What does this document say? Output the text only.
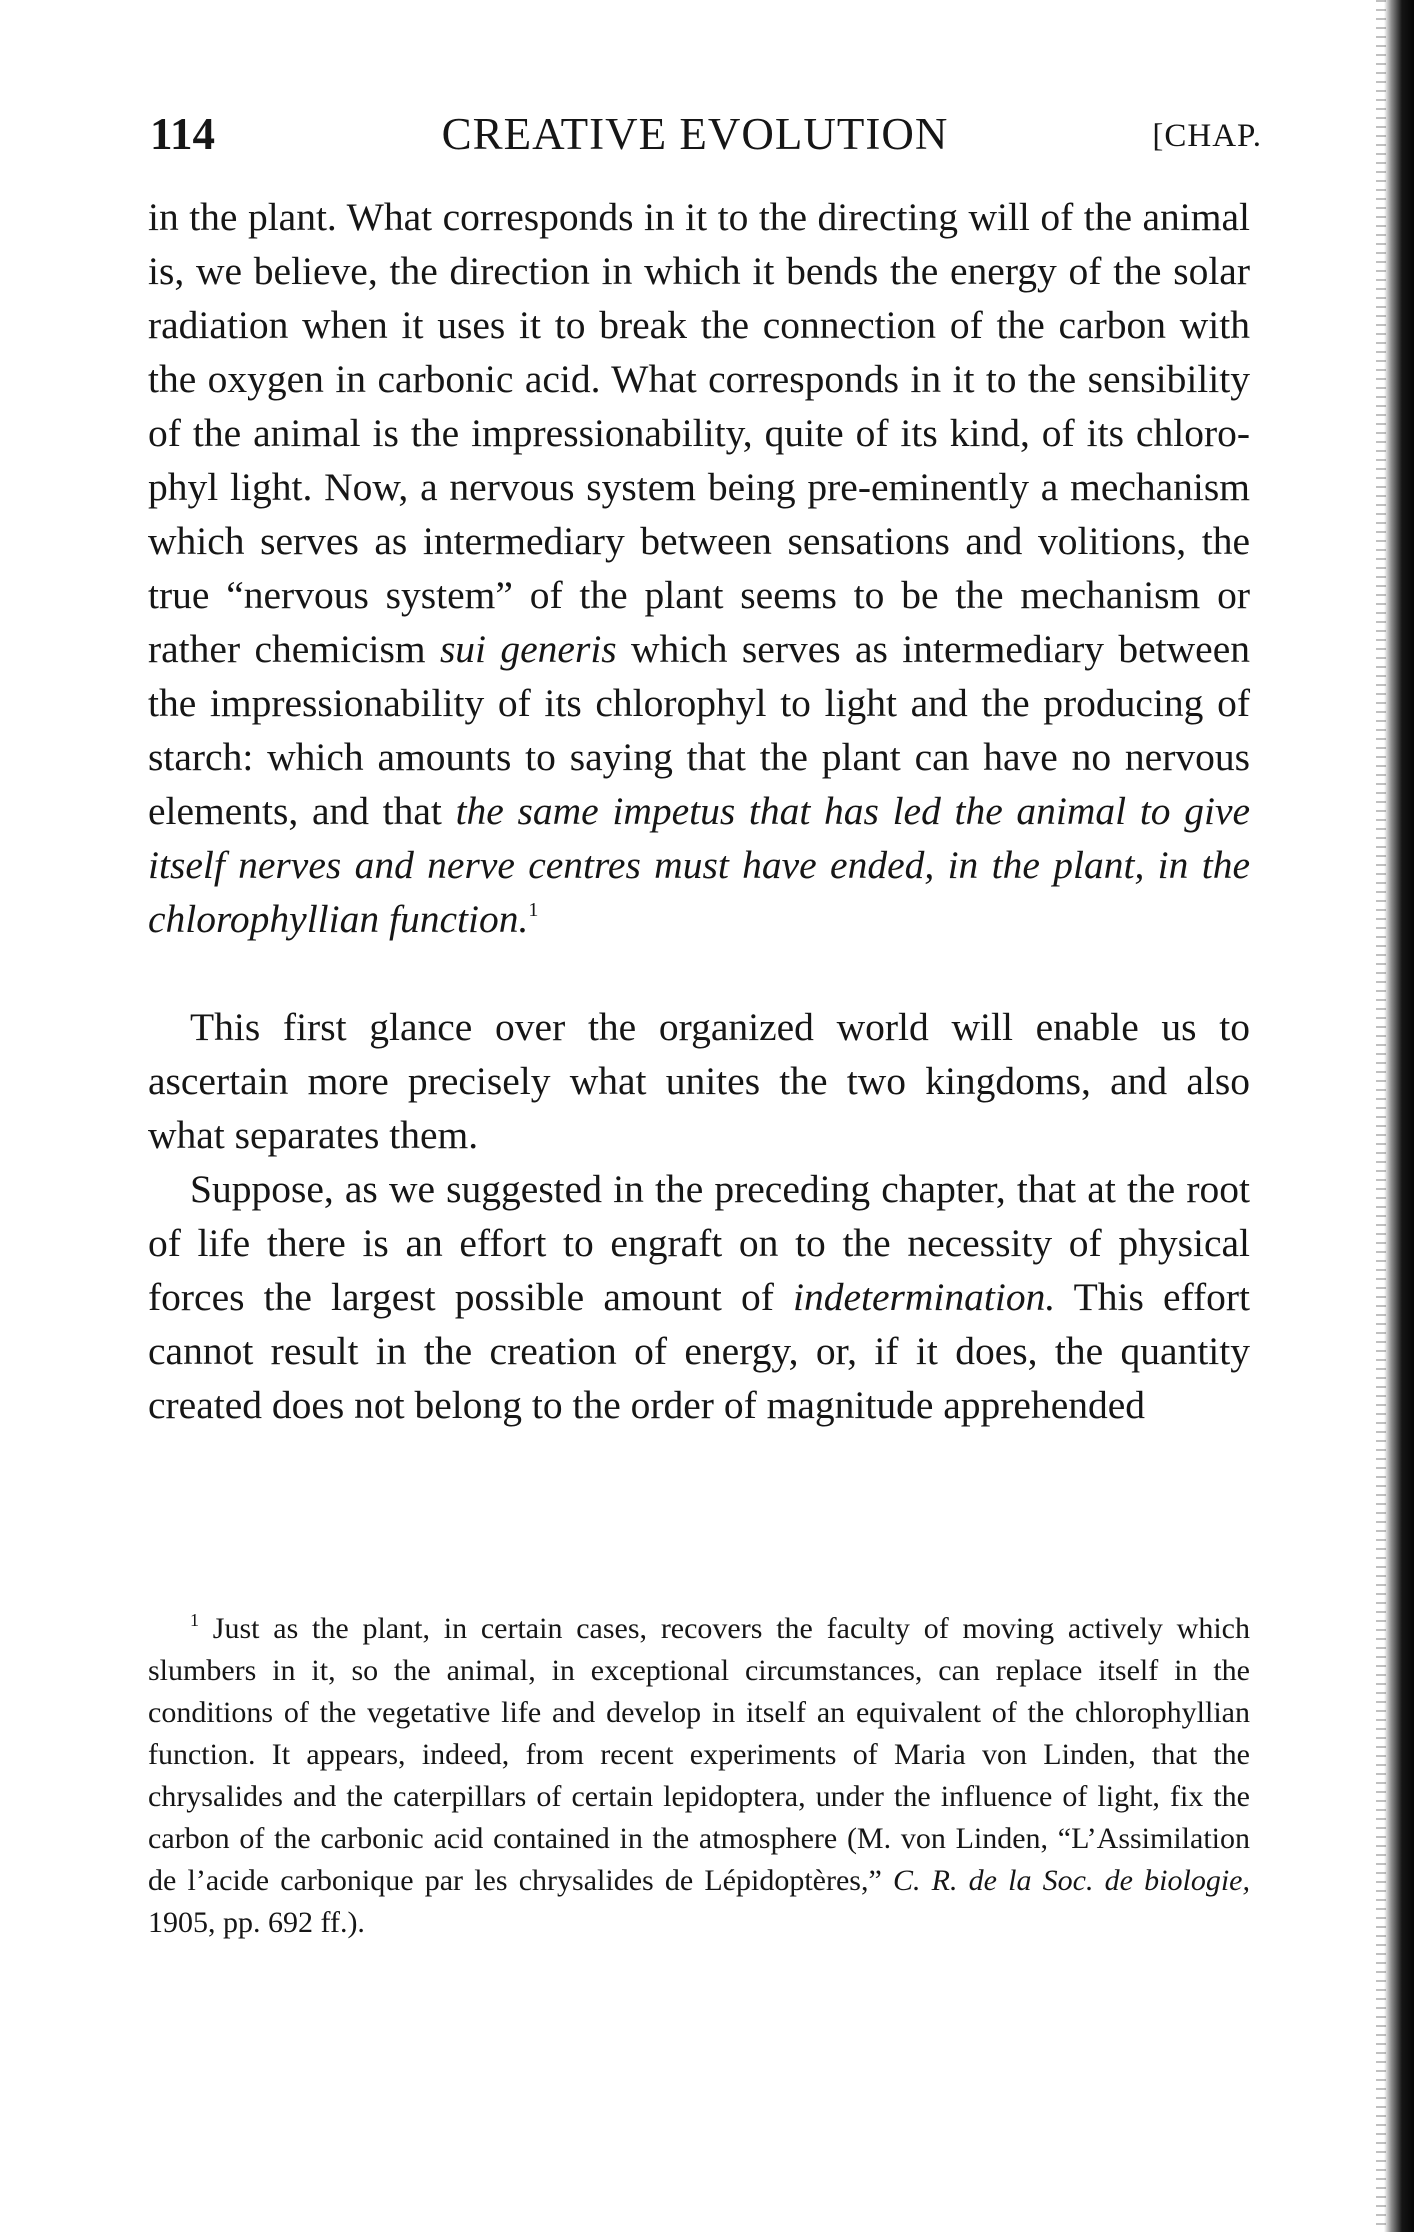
114	CREATIVE EVOLUTION	[CHAP.

in the plant. What corresponds in it to the directing will of the animal is, we believe, the direction in which it bends the energy of the solar radiation when it uses it to break the connection of the carbon with the oxygen in carbonic acid. What corresponds in it to the sensibility of the animal is the impressionability, quite of its kind, of its chlorophyl light. Now, a nervous system being pre-eminently a mechanism which serves as intermediary between sensations and volitions, the true “nervous system” of the plant seems to be the mechanism or rather chemicism sui generis which serves as intermediary between the impressionability of its chlorophyl to light and the producing of starch: which amounts to saying that the plant can have no nervous elements, and that the same impetus that has led the animal to give itself nerves and nerve centres must have ended, in the plant, in the chlorophyllian function.$^1$

This first glance over the organized world will enable us to ascertain more precisely what unites the two kingdoms, and also what separates them.

Suppose, as we suggested in the preceding chapter, that at the root of life there is an effort to engraft on to the necessity of physical forces the largest possible amount of indetermination. This effort cannot result in the creation of energy, or, if it does, the quantity created does not belong to the order of magnitude apprehended

$^1$ Just as the plant, in certain cases, recovers the faculty of moving actively which slumbers in it, so the animal, in exceptional circumstances, can replace itself in the conditions of the vegetative life and develop in itself an equivalent of the chlorophyllian function. It appears, indeed, from recent experiments of Maria von Linden, that the chrysalides and the caterpillars of certain lepidoptera, under the influence of light, fix the carbon of the carbonic acid contained in the atmosphere (M. von Linden, “L’Assimilation de l’acide carbonique par les chrysalides de Lépidoptères,” C. R. de la Soc. de biologie, 1905, pp. 692 ff.).
